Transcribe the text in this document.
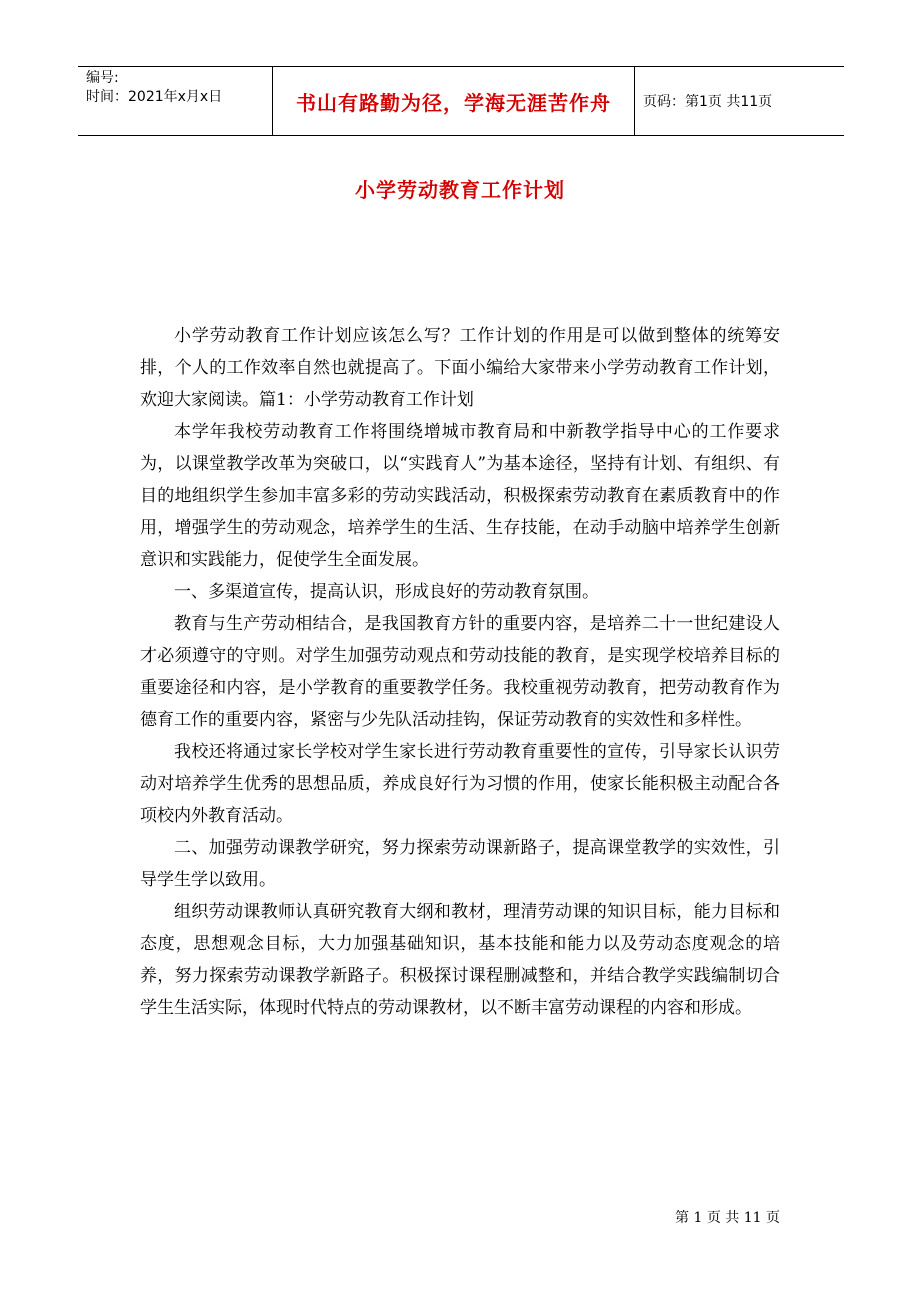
编号:
时间：2021年x月x日	书山有路勤为径，学海无涯苦作舟	页码：第1页 共11页
小学劳动教育工作计划

小学劳动教育工作计划应该怎么写？工作计划的作用是可以做到整体的统筹安排，个人的工作效率自然也就提高了。下面小编给大家带来小学劳动教育工作计划，欢迎大家阅读。篇1：小学劳动教育工作计划

本学年我校劳动教育工作将围绕增城市教育局和中新教学指导中心的工作要求为，以课堂教学改革为突破口，以“实践育人”为基本途径，坚持有计划、有组织、有目的地组织学生参加丰富多彩的劳动实践活动，积极探索劳动教育在素质教育中的作用，增强学生的劳动观念，培养学生的生活、生存技能，在动手动脑中培养学生创新意识和实践能力，促使学生全面发展。

一、多渠道宣传，提高认识，形成良好的劳动教育氛围。

教育与生产劳动相结合，是我国教育方针的重要内容，是培养二十一世纪建设人才必须遵守的守则。对学生加强劳动观点和劳动技能的教育，是实现学校培养目标的重要途径和内容，是小学教育的重要教学任务。我校重视劳动教育，把劳动教育作为德育工作的重要内容，紧密与少先队活动挂钩，保证劳动教育的实效性和多样性。

我校还将通过家长学校对学生家长进行劳动教育重要性的宣传，引导家长认识劳动对培养学生优秀的思想品质，养成良好行为习惯的作用，使家长能积极主动配合各项校内外教育活动。

二、加强劳动课教学研究，努力探索劳动课新路子，提高课堂教学的实效性，引导学生学以致用。

组织劳动课教师认真研究教育大纲和教材，理清劳动课的知识目标，能力目标和态度，思想观念目标，大力加强基础知识，基本技能和能力以及劳动态度观念的培养，努力探索劳动课教学新路子。积极探讨课程删减整和，并结合教学实践编制切合学生生活实际，体现时代特点的劳动课教材，以不断丰富劳动课程的内容和形成。

第 1 页 共 11 页
